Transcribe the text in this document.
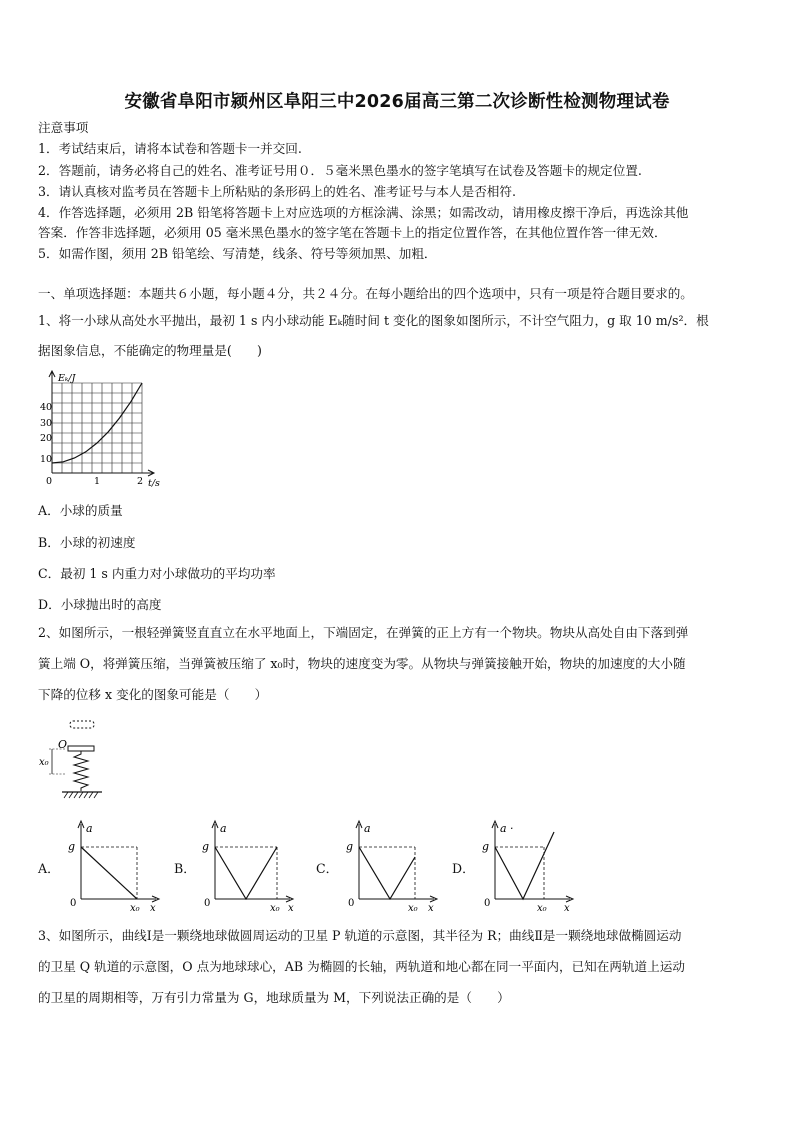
安徽省阜阳市颍州区阜阳三中2026届高三第二次诊断性检测物理试卷
注意事项
1．考试结束后，请将本试卷和答题卡一并交回.
2．答题前，请务必将自己的姓名、准考证号用０．５毫米黑色墨水的签字笔填写在试卷及答题卡的规定位置.
3．请认真核对监考员在答题卡上所粘贴的条形码上的姓名、准考证号与本人是否相符.
4．作答选择题，必须用 2B 铅笔将答题卡上对应选项的方框涂满、涂黑；如需改动，请用橡皮擦干净后，再选涂其他
答案．作答非选择题，必须用 05 毫米黑色墨水的签字笔在答题卡上的指定位置作答，在其他位置作答一律无效．
5．如需作图，须用 2B 铅笔绘、写清楚，线条、符号等须加黑、加粗．
一、单项选择题：本题共６小题，每小题４分，共２４分。在每小题给出的四个选项中，只有一项是符合题目要求的。
1、将一小球从高处水平抛出，最初 1 s 内小球动能 Eₖ随时间 t 变化的图象如图所示，不计空气阻力，g 取 10 m/s²．根
据图象信息，不能确定的物理量是(　　)
Eₖ/J
t/s
10
20
30
40
0	1	2
A．小球的质量
B．小球的初速度
C．最初 1 s 内重力对小球做功的平均功率
D．小球抛出时的高度
2、如图所示，一根轻弹簧竖直直立在水平地面上，下端固定，在弹簧的正上方有一个物块。物块从高处自由下落到弹
簧上端 O，将弹簧压缩，当弹簧被压缩了 x₀时，物块的速度变为零。从物块与弹簧接触开始，物块的加速度的大小随
下降的位移 x 变化的图象可能是（　　）
O
x₀
A．
a
g
0	x₀ x
B．
a
g
0	x₀ x
C．
a
g
0	x₀ x
D．
a ·
g
0	x₀ x
3、如图所示，曲线Ⅰ是一颗绕地球做圆周运动的卫星 P 轨道的示意图，其半径为 R；曲线Ⅱ是一颗绕地球做椭圆运动
的卫星 Q 轨道的示意图，O 点为地球球心，AB 为椭圆的长轴，两轨道和地心都在同一平面内，已知在两轨道上运动
的卫星的周期相等，万有引力常量为 G，地球质量为 M，下列说法正确的是（　　）
